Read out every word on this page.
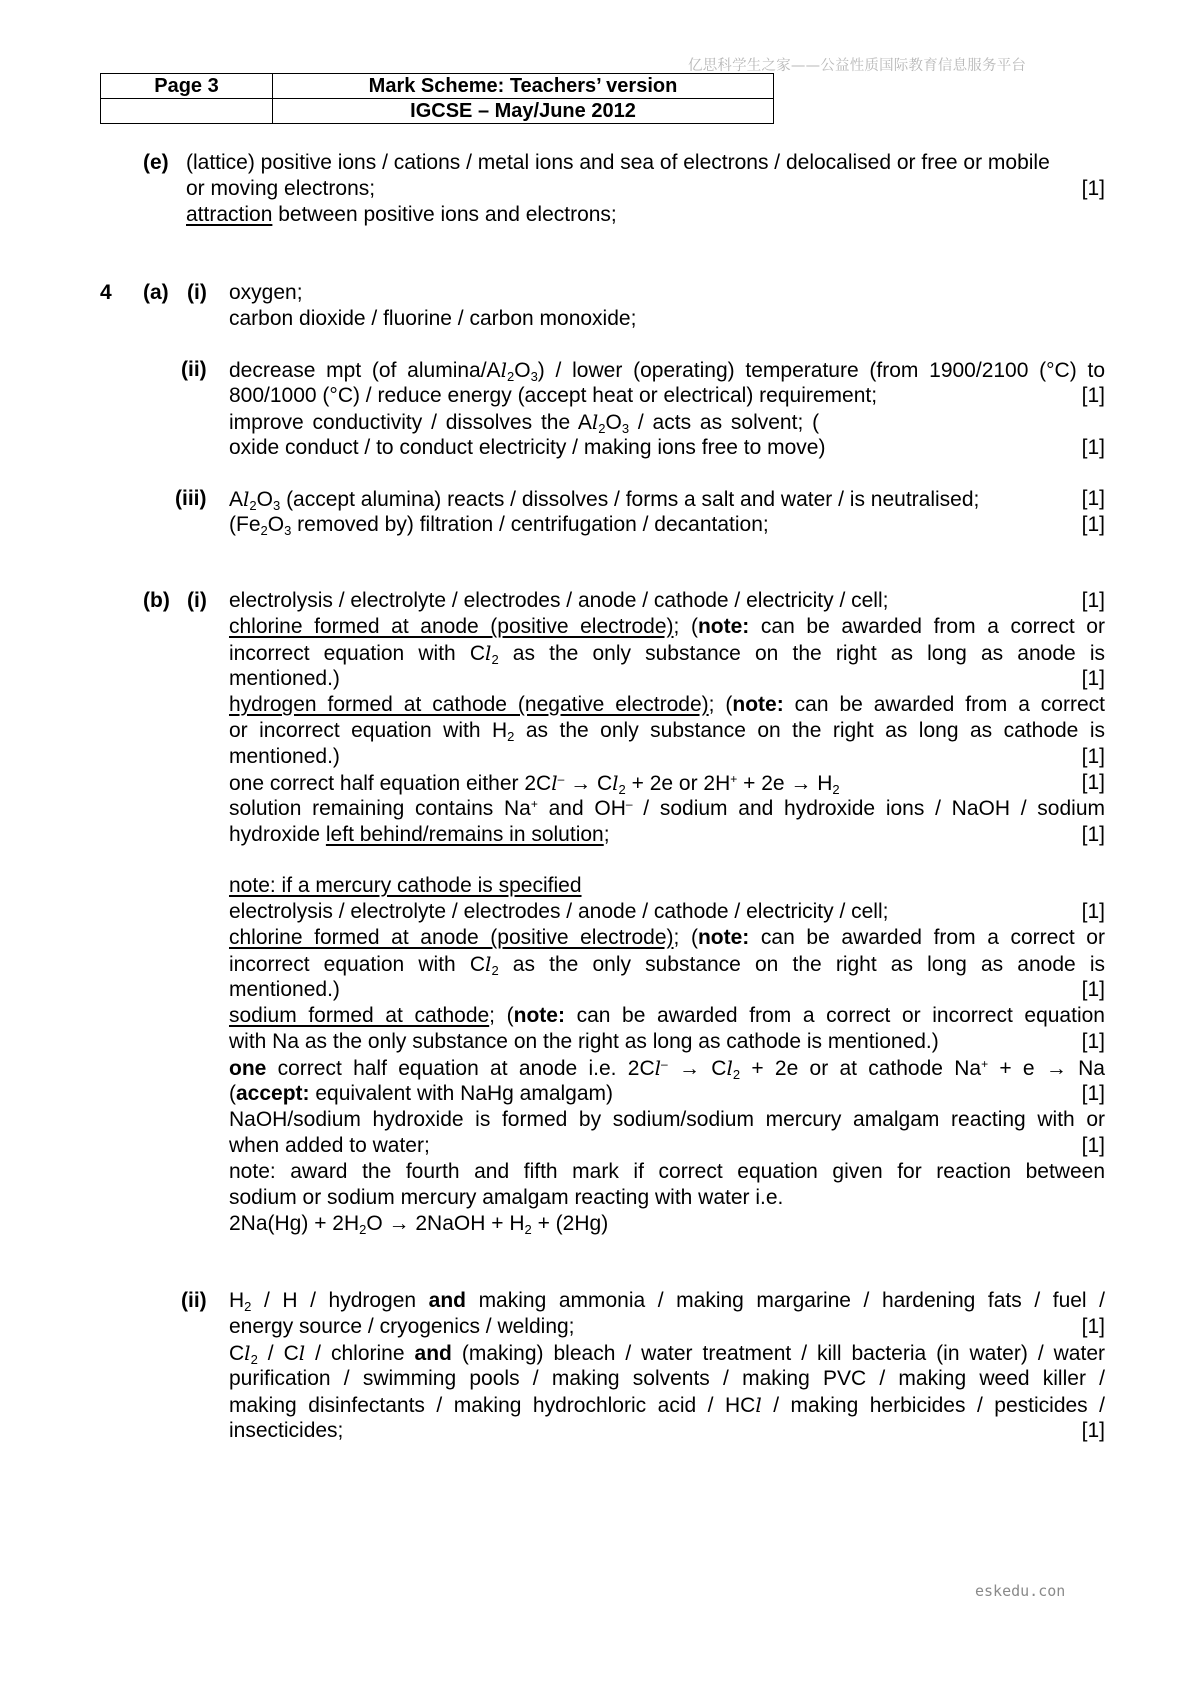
亿思科学生之家——公益性质国际教育信息服务平台
Page 3	Mark Scheme: Teachers’ version
	IGCSE – May/June 2012
(e) (lattice) positive ions / cations / metal ions and sea of electrons / delocalised or free or mobile
or moving electrons;	[1]
attraction between positive ions and electrons;
4 (a) (i) oxygen;
carbon dioxide / fluorine / carbon monoxide;
(ii) decrease mpt (of alumina/$Al_2O_3$) / lower (operating) temperature (from 1900/2100 (°C) to
800/1000 (°C) / reduce energy (accept heat or electrical) requirement;	[1]
improve conductivity / dissolves the $Al_2O_3$ / acts as solvent; (
oxide conduct / to conduct electricity / making ions free to move)	[1]
(iii) $Al_2O_3$ (accept alumina) reacts / dissolves / forms a salt and water / is neutralised;	[1]
($Fe_2O_3$ removed by) filtration / centrifugation / decantation;	[1]
(b) (i) electrolysis / electrolyte / electrodes / anode / cathode / electricity / cell;	[1]
chlorine formed at anode (positive electrode); (note: can be awarded from a correct or
incorrect equation with $Cl_2$ as the only substance on the right as long as anode is
mentioned.)	[1]
hydrogen formed at cathode (negative electrode); (note: can be awarded from a correct
or incorrect equation with $H_2$ as the only substance on the right as long as cathode is
mentioned.)	[1]
one correct half equation either $2Cl^- \to Cl_2 + 2e$ or $2H^+ + 2e \to H_2$	[1]
solution remaining contains Na+ and OH– / sodium and hydroxide ions / NaOH / sodium
hydroxide left behind/remains in solution;	[1]
note: if a mercury cathode is specified
electrolysis / electrolyte / electrodes / anode / cathode / electricity / cell;	[1]
chlorine formed at anode (positive electrode); (note: can be awarded from a correct or
incorrect equation with $Cl_2$ as the only substance on the right as long as anode is
mentioned.)	[1]
sodium formed at cathode; (note: can be awarded from a correct or incorrect equation
with Na as the only substance on the right as long as cathode is mentioned.)	[1]
one correct half equation at anode i.e. $2Cl^- \to Cl_2 + 2e$ or at cathode Na+ + e → Na
(accept: equivalent with NaHg amalgam)	[1]
NaOH/sodium hydroxide is formed by sodium/sodium mercury amalgam reacting with or
when added to water;	[1]
note: award the fourth and fifth mark if correct equation given for reaction between
sodium or sodium mercury amalgam reacting with water i.e.
$2Na(Hg) + 2H_2O$ → 2NaOH + $H_2 + (2Hg)$
(ii) $H_2$ / H / hydrogen and making ammonia / making margarine / hardening fats / fuel /
energy source / cryogenics / welding;	[1]
$Cl_2$ / Cl / chlorine and (making) bleach / water treatment / kill bacteria (in water) / water
purification / swimming pools / making solvents / making PVC / making weed killer /
making disinfectants / making hydrochloric acid / HCl / making herbicides / pesticides /
insecticides;	[1]
eskedu.con
